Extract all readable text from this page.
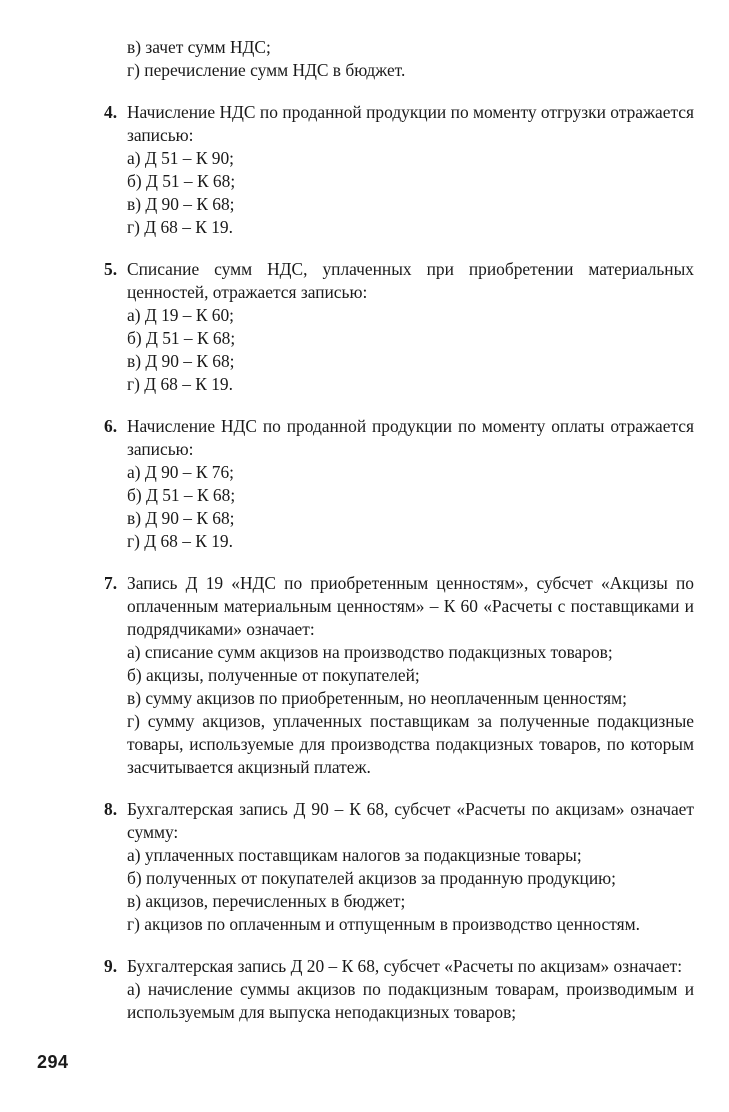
в) зачет сумм НДС;
г) перечисление сумм НДС в бюджет.
4. Начисление НДС по проданной продукции по моменту отгрузки отражается записью:
а) Д 51 – К 90;
б) Д 51 – К 68;
в) Д 90 – К 68;
г) Д 68 – К 19.
5. Списание сумм НДС, уплаченных при приобретении материальных ценностей, отражается записью:
а) Д 19 – К 60;
б) Д 51 – К 68;
в) Д 90 – К 68;
г) Д 68 – К 19.
6. Начисление НДС по проданной продукции по моменту оплаты отражается записью:
а) Д 90 – К 76;
б) Д 51 – К 68;
в) Д 90 – К 68;
г) Д 68 – К 19.
7. Запись Д 19 «НДС по приобретенным ценностям», субсчет «Акцизы по оплаченным материальным ценностям» – К 60 «Расчеты с поставщиками и подрядчиками» означает:
а) списание сумм акцизов на производство подакцизных товаров;
б) акцизы, полученные от покупателей;
в) сумму акцизов по приобретенным, но неоплаченным ценностям;
г) сумму акцизов, уплаченных поставщикам за полученные подакцизные товары, используемые для производства подакцизных товаров, по которым засчитывается акцизный платеж.
8. Бухгалтерская запись Д 90 – К 68, субсчет «Расчеты по акцизам» означает сумму:
а) уплаченных поставщикам налогов за подакцизные товары;
б) полученных от покупателей акцизов за проданную продукцию;
в) акцизов, перечисленных в бюджет;
г) акцизов по оплаченным и отпущенным в производство ценностям.
9. Бухгалтерская запись Д 20 – К 68, субсчет «Расчеты по акцизам» означает:
а) начисление суммы акцизов по подакцизным товарам, производимым и используемым для выпуска неподакцизных товаров;
294
